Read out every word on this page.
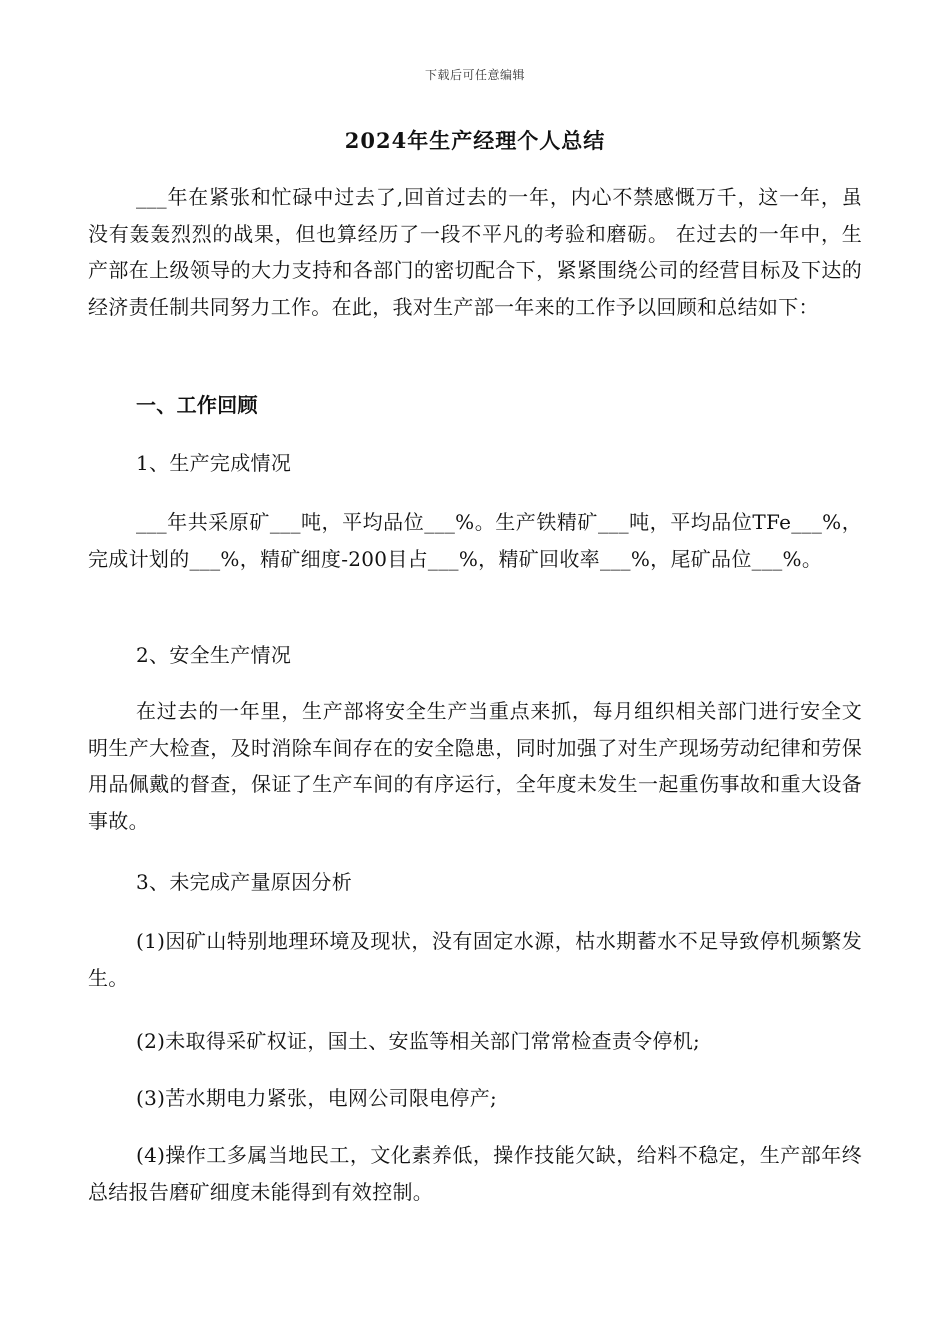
下载后可任意编辑
2024年生产经理个人总结

___年在紧张和忙碌中过去了,回首过去的一年，内心不禁感慨万千，这一年，虽没有轰轰烈烈的战果，但也算经历了一段不平凡的考验和磨砺。 在过去的一年中，生产部在上级领导的大力支持和各部门的密切配合下，紧紧围绕公司的经营目标及下达的经济责任制共同努力工作。在此，我对生产部一年来的工作予以回顾和总结如下：

一、工作回顾
1、生产完成情况

___年共采原矿___吨，平均品位___%。生产铁精矿___吨，平均品位TFe___%，完成计划的___%，精矿细度-200目占___%，精矿回收率___%，尾矿品位___%。

2、安全生产情况

在过去的一年里，生产部将安全生产当重点来抓，每月组织相关部门进行安全文明生产大检查，及时消除车间存在的安全隐患，同时加强了对生产现场劳动纪律和劳保用品佩戴的督查，保证了生产车间的有序运行，全年度未发生一起重伤事故和重大设备事故。

3、未完成产量原因分析

(1)因矿山特别地理环境及现状，没有固定水源，枯水期蓄水不足导致停机频繁发生。

(2)未取得采矿权证，国土、安监等相关部门常常检查责令停机;

(3)苦水期电力紧张，电网公司限电停产;

(4)操作工多属当地民工，文化素养低，操作技能欠缺，给料不稳定，生产部年终总结报告磨矿细度未能得到有效控制。
